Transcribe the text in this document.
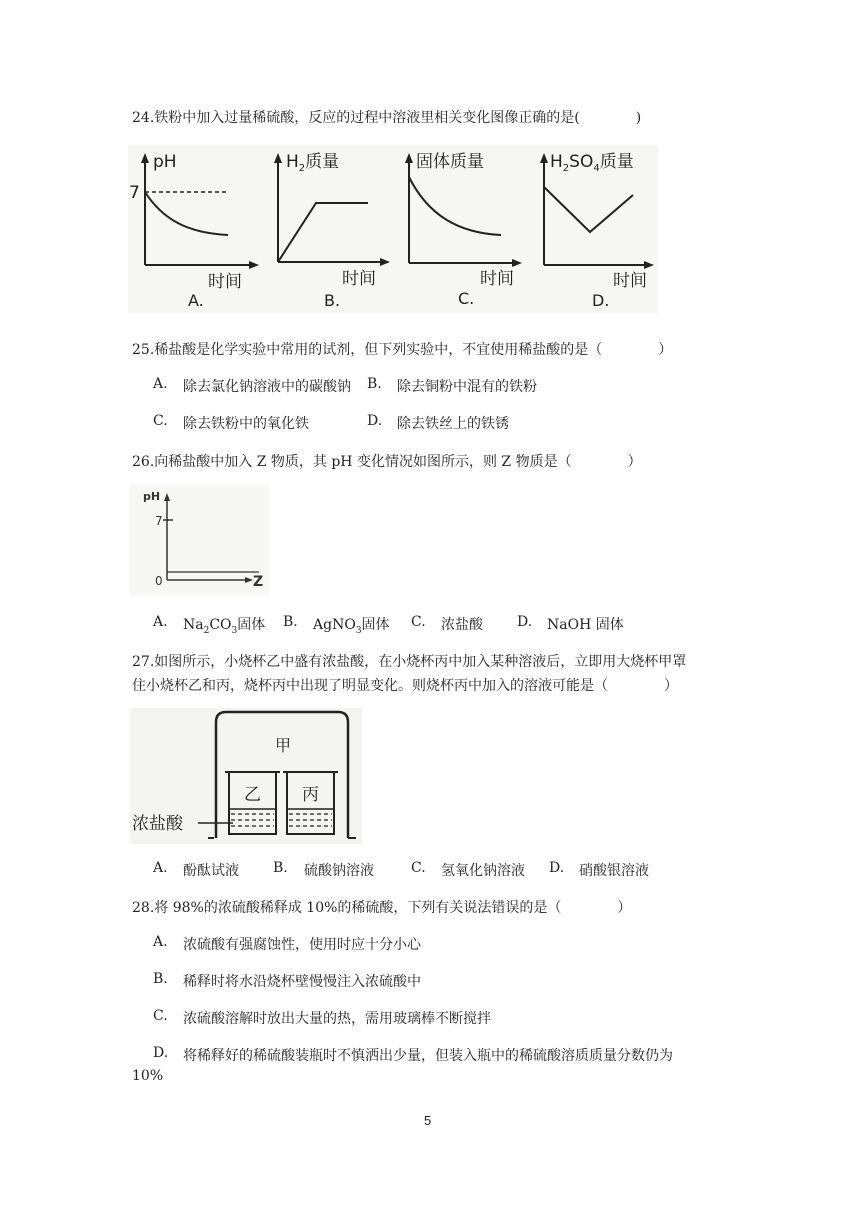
24.铁粉中加入过量稀硫酸，反应的过程中溶液里相关变化图像正确的是(　　　　)
pH
7
时间
A.
$H_2$质量
时间
B.
固体质量
时间
C.
$H_2SO_4$质量
时间
D.
25.稀盐酸是化学实验中常用的试剂，但下列实验中，不宜使用稀盐酸的是（　　　　）
A. 除去氯化钠溶液中的碳酸钠 B. 除去铜粉中混有的铁粉
C. 除去铁粉中的氧化铁	D. 除去铁丝上的铁锈
26.向稀盐酸中加入 Z 物质，其 pH 变化情况如图所示，则 Z 物质是（　　　　）
pH
7
0	Z
A. $Na_2CO_3$固体 B. AgNO$_3$固体 C. 浓盐酸 D. NaOH 固体
27.如图所示，小烧杯乙中盛有浓盐酸，在小烧杯丙中加入某种溶液后，立即用大烧杯甲罩
住小烧杯乙和丙，烧杯丙中出现了明显变化。则烧杯丙中加入的溶液可能是（　　　　）
甲
乙 丙
浓盐酸
A. 酚酞试液 B. 硫酸钠溶液	C. 氢氧化钠溶液 D. 硝酸银溶液
28.将 98%的浓硫酸稀释成 10%的稀硫酸，下列有关说法错误的是（　　　　）
A. 浓硫酸有强腐蚀性，使用时应十分小心
B. 稀释时将水沿烧杯壁慢慢注入浓硫酸中
C. 浓硫酸溶解时放出大量的热，需用玻璃棒不断搅拌
D. 将稀释好的稀硫酸装瓶时不慎洒出少量，但装入瓶中的稀硫酸溶质质量分数仍为
10%
5
